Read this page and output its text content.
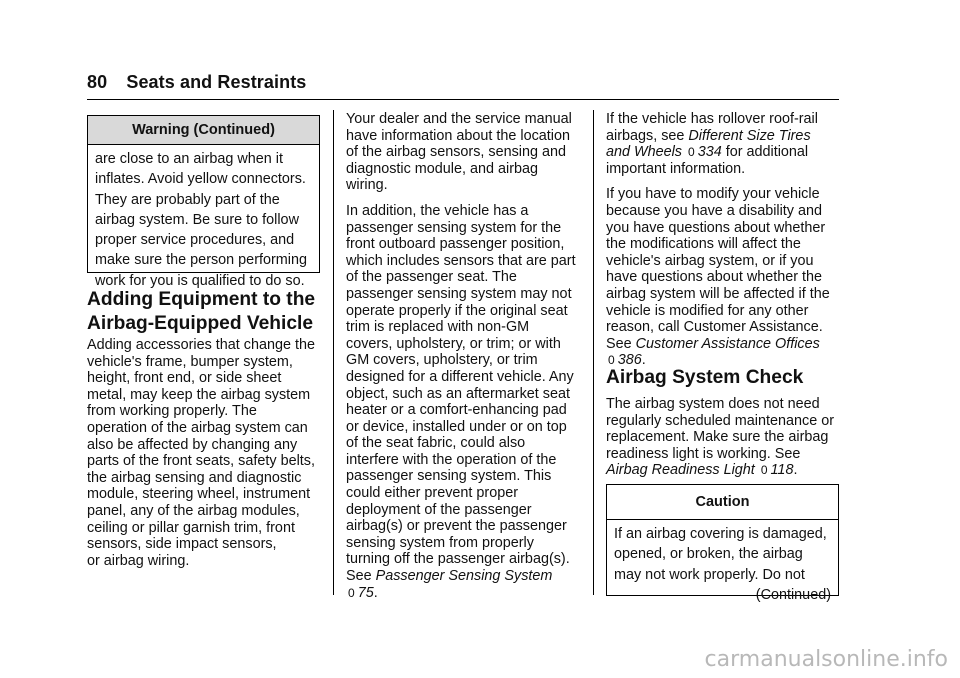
80 Seats and Restraints
Warning (Continued)
are close to an airbag when it
inflates. Avoid yellow connectors.
They are probably part of the
airbag system. Be sure to follow
proper service procedures, and
make sure the person performing
work for you is qualified to do so.
Adding Equipment to the
Airbag-Equipped Vehicle
Adding accessories that change the
vehicle's frame, bumper system,
height, front end, or side sheet
metal, may keep the airbag system
from working properly. The
operation of the airbag system can
also be affected by changing any
parts of the front seats, safety belts,
the airbag sensing and diagnostic
module, steering wheel, instrument
panel, any of the airbag modules,
ceiling or pillar garnish trim, front
sensors, side impact sensors,
or airbag wiring.

Your dealer and the service manual
have information about the location
of the airbag sensors, sensing and
diagnostic module, and airbag
wiring.

In addition, the vehicle has a
passenger sensing system for the
front outboard passenger position,
which includes sensors that are part
of the passenger seat. The
passenger sensing system may not
operate properly if the original seat
trim is replaced with non-GM
covers, upholstery, or trim; or with
GM covers, upholstery, or trim
designed for a different vehicle. Any
object, such as an aftermarket seat
heater or a comfort-enhancing pad
or device, installed under or on top
of the seat fabric, could also
interfere with the operation of the
passenger sensing system. This
could either prevent proper
deployment of the passenger
airbag(s) or prevent the passenger
sensing system from properly
turning off the passenger airbag(s).
See Passenger Sensing System
0 75.

If the vehicle has rollover roof-rail
airbags, see Different Size Tires
and Wheels 0 334 for additional
important information.

If you have to modify your vehicle
because you have a disability and
you have questions about whether
the modifications will affect the
vehicle's airbag system, or if you
have questions about whether the
airbag system will be affected if the
vehicle is modified for any other
reason, call Customer Assistance.
See Customer Assistance Offices
0 386.

Airbag System Check
The airbag system does not need
regularly scheduled maintenance or
replacement. Make sure the airbag
readiness light is working. See
Airbag Readiness Light 0 118.
Caution
If an airbag covering is damaged,
opened, or broken, the airbag
may not work properly. Do not
(Continued)
carmanualsonline.info
